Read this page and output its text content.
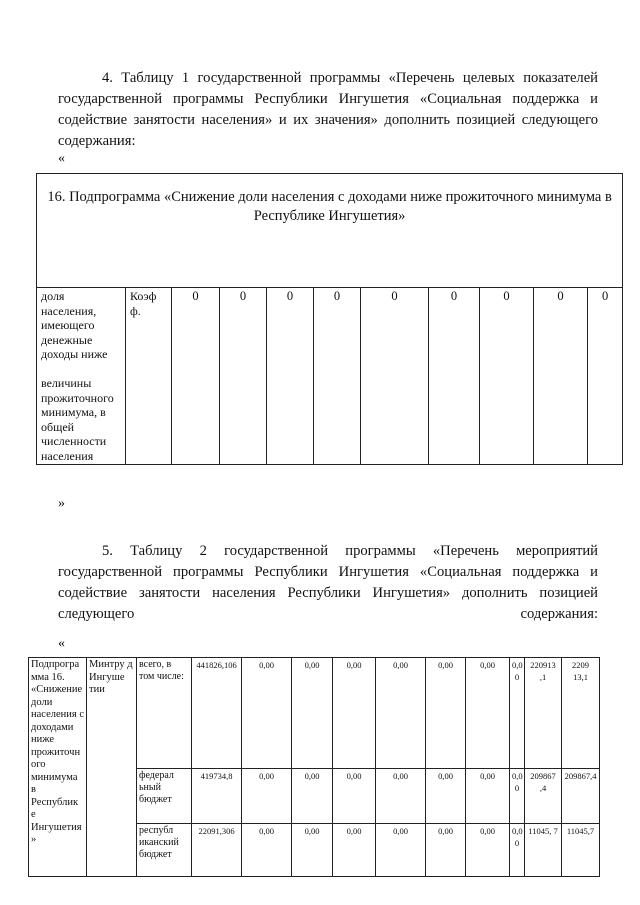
4. Таблицу 1 государственной программы «Перечень целевых показателей государственной программы Республики Ингушетия «Социальная поддержка и содействие занятости населения» и их значения» дополнить позицией следующего содержания:

«
16. Подпрограмма «Снижение доли населения с доходами ниже прожиточного минимума в Республике Ингушетия»
доля населения, имеющего денежные доходы ниже

величины прожиточного минимума, в общей численности населения	Коэф ф.	0	0	0	0	0	0	0	0	0
»

5. Таблицу 2 государственной программы «Перечень мероприятий государственной программы Республики Ингушетия «Социальная поддержка и содействие занятости населения Республики Ингушетия» дополнить позицией следующего содержания:

«
Подпрогра мма 16. «Снижение доли населения с доходами ниже прожиточн ого минимума в Республик е Ингушетия »	Минтру д Ингуше тии	всего, в том числе:	441826,106	0,00	0,00	0,00	0,00	0,00	0,00	0,0 0	220913 ,1	2209 13,1
		федерал ьный бюджет	419734,8	0,00	0,00	0,00	0,00	0,00	0,00	0,0 0	209867 ,4	209867,4
		республ иканский бюджет	22091,306	0,00	0,00	0,00	0,00	0,00	0,00	0,0 0	11045, 7	11045,7
